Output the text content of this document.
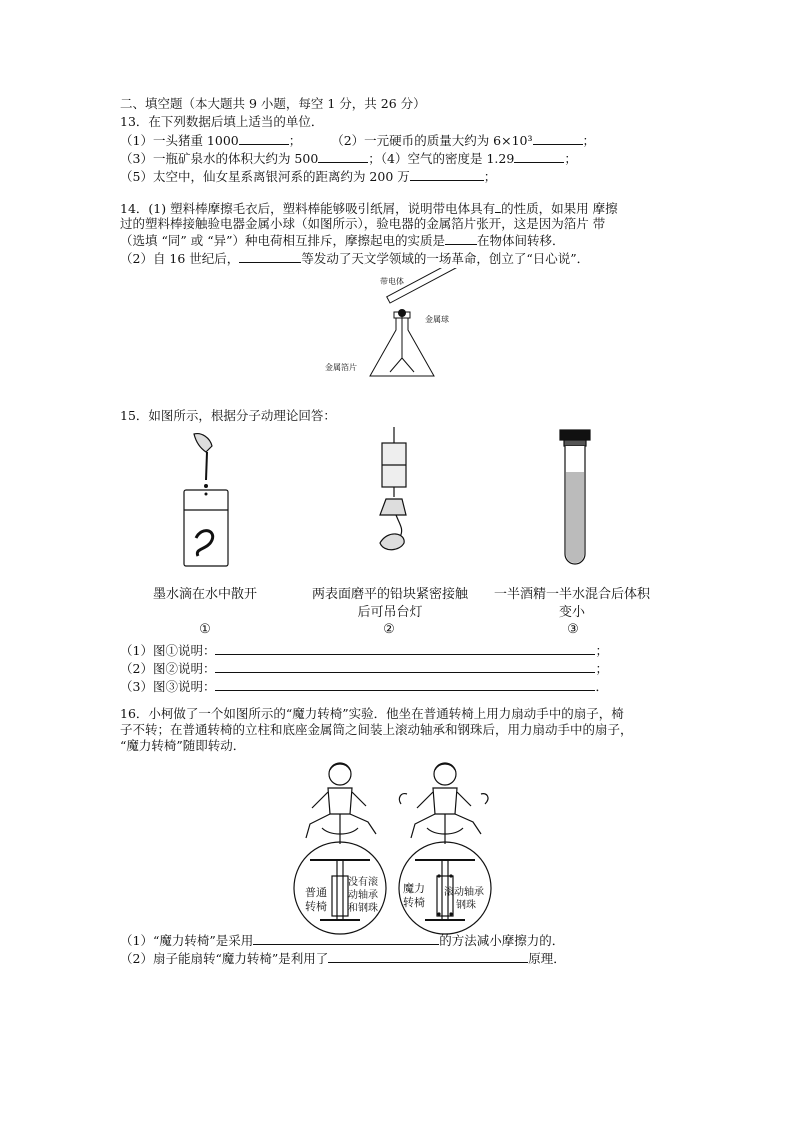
二、填空题（本大题共 9 小题，每空 1 分，共 26 分）
13．在下列数据后填上适当的单位．
（1）一头猪重 1000	； （2）一元硬币的质量大约为 6×10³	；
（3）一瓶矿泉水的体积大约为 500	；（4）空气的密度是 1.29	；
（5）太空中，仙女星系离银河系的距离约为 200 万	；
14．(1) 塑料棒摩擦毛衣后，塑料棒能够吸引纸屑，说明带电体具有 的性质，如果用 摩擦
过的塑料棒接触验电器金属小球（如图所示），验电器的金属箔片张开，这是因为箔片 带
（选填 “同” 或 “异”）种电荷相互排斥，摩擦起电的实质是	在物体间转移．
（2）自 16 世纪后，	等发动了天文学领域的一场革命，创立了“日心说”．
带电体
金属球
金属箔片
15．如图所示，根据分子动理论回答：
墨水滴在水中散开	两表面磨平的铅块紧密接触
后可吊台灯
一半酒精一半水混合后体积
变小
①	②	③
（1）图①说明：	；
（2）图②说明：	；
（3）图③说明：	．
16．小柯做了一个如图所示的“魔力转椅”实验．他坐在普通转椅上用力扇动手中的扇子，椅
子不转；在普通转椅的立柱和底座金属筒之间装上滚动轴承和钢珠后，用力扇动手中的扇子，
“魔力转椅”随即转动．
普通
转椅
没有滚
动轴承
和钢珠
魔力
转椅
滚动轴承
钢珠
（1）“魔力转椅”是采用	的方法减小摩擦力的．
（2）扇子能扇转“魔力转椅”是利用了	原理．
